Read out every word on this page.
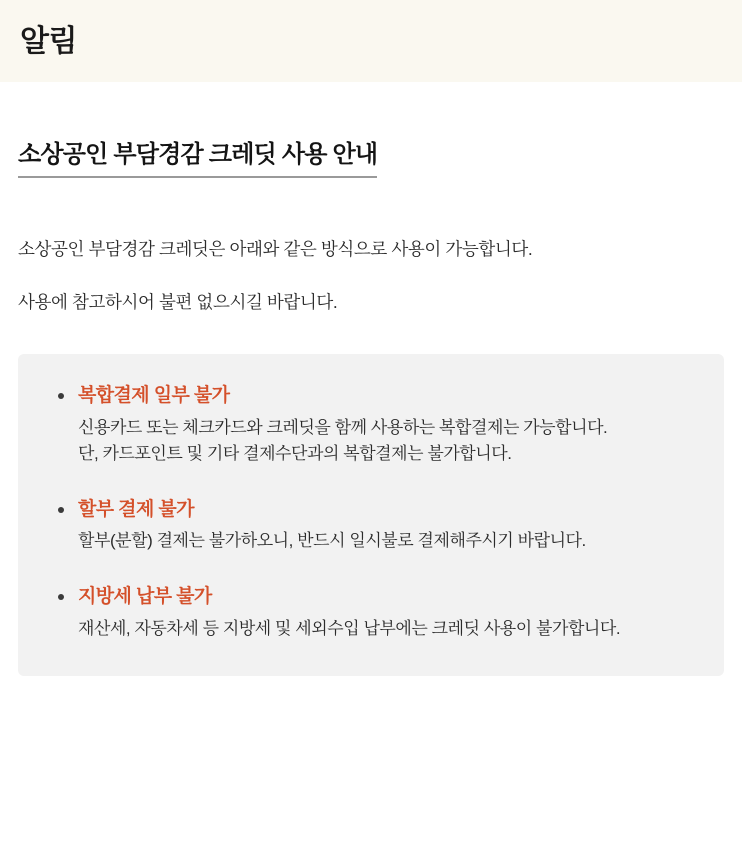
알림
소상공인 부담경감 크레딧 사용 안내

소상공인 부담경감 크레딧은 아래와 같은 방식으로 사용이 가능합니다.

사용에 참고하시어 불편 없으시길 바랍니다.

복합결제 일부 불가

신용카드 또는 체크카드와 크레딧을 함께 사용하는 복합결제는 가능합니다.

단, 카드포인트 및 기타 결제수단과의 복합결제는 불가합니다.

할부 결제 불가

할부(분할) 결제는 불가하오니, 반드시 일시불로 결제해주시기 바랍니다.

지방세 납부 불가

재산세, 자동차세 등 지방세 및 세외수입 납부에는 크레딧 사용이 불가합니다.
